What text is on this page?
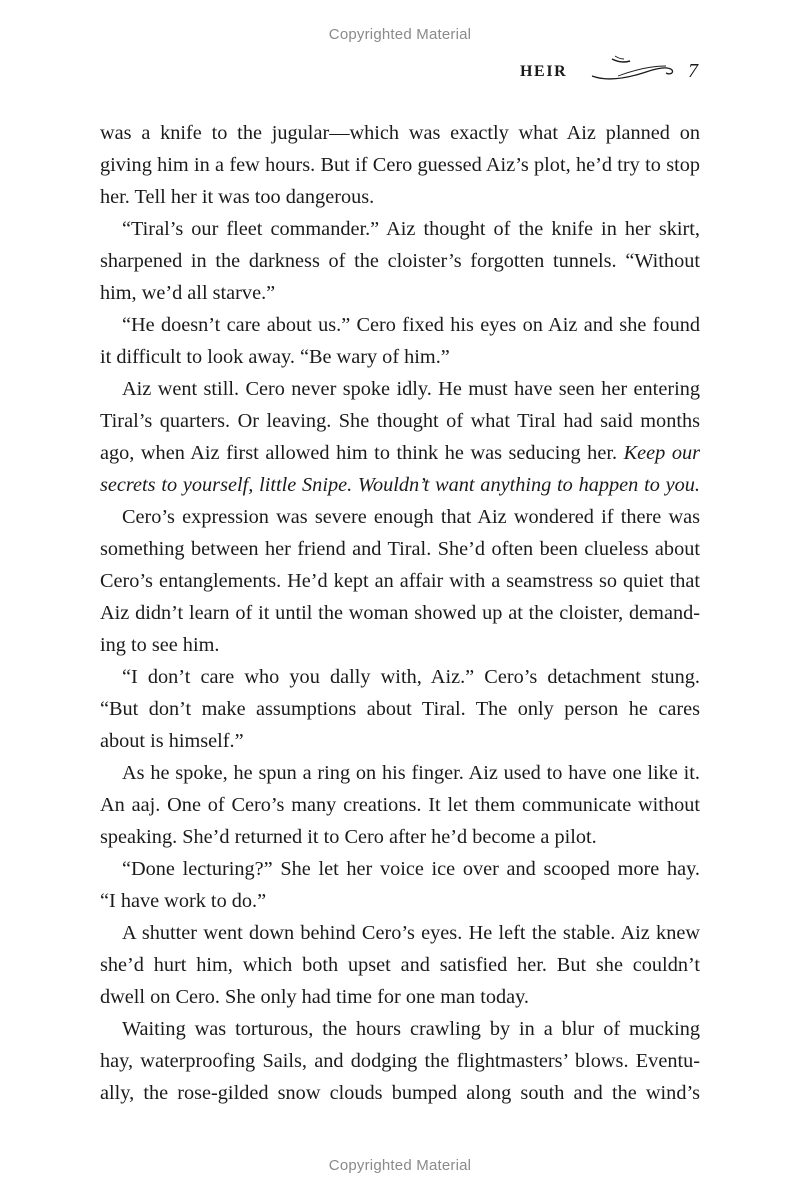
Copyrighted Material
HEIR	7
was a knife to the jugular—which was exactly what Aiz planned on
giving him in a few hours. But if Cero guessed Aiz’s plot, he’d try to stop
her. Tell her it was too dangerous.
“Tiral’s our fleet commander.” Aiz thought of the knife in her skirt,
sharpened in the darkness of the cloister’s forgotten tunnels. “Without
him, we’d all starve.”
“He doesn’t care about us.” Cero fixed his eyes on Aiz and she found
it difficult to look away. “Be wary of him.”
Aiz went still. Cero never spoke idly. He must have seen her entering
Tiral’s quarters. Or leaving. She thought of what Tiral had said months
ago, when Aiz first allowed him to think he was seducing her. Keep our
secrets to yourself, little Snipe. Wouldn’t want anything to happen to you.
Cero’s expression was severe enough that Aiz wondered if there was
something between her friend and Tiral. She’d often been clueless about
Cero’s entanglements. He’d kept an affair with a seamstress so quiet that
Aiz didn’t learn of it until the woman showed up at the cloister, demand-
ing to see him.
“I don’t care who you dally with, Aiz.” Cero’s detachment stung.
“But don’t make assumptions about Tiral. The only person he cares
about is himself.”
As he spoke, he spun a ring on his finger. Aiz used to have one like it.
An aaj. One of Cero’s many creations. It let them communicate without
speaking. She’d returned it to Cero after he’d become a pilot.
“Done lecturing?” She let her voice ice over and scooped more hay.
“I have work to do.”
A shutter went down behind Cero’s eyes. He left the stable. Aiz knew
she’d hurt him, which both upset and satisfied her. But she couldn’t
dwell on Cero. She only had time for one man today.
Waiting was torturous, the hours crawling by in a blur of mucking
hay, waterproofing Sails, and dodging the flightmasters’ blows. Eventu-
ally, the rose-gilded snow clouds bumped along south and the wind’s
Copyrighted Material
